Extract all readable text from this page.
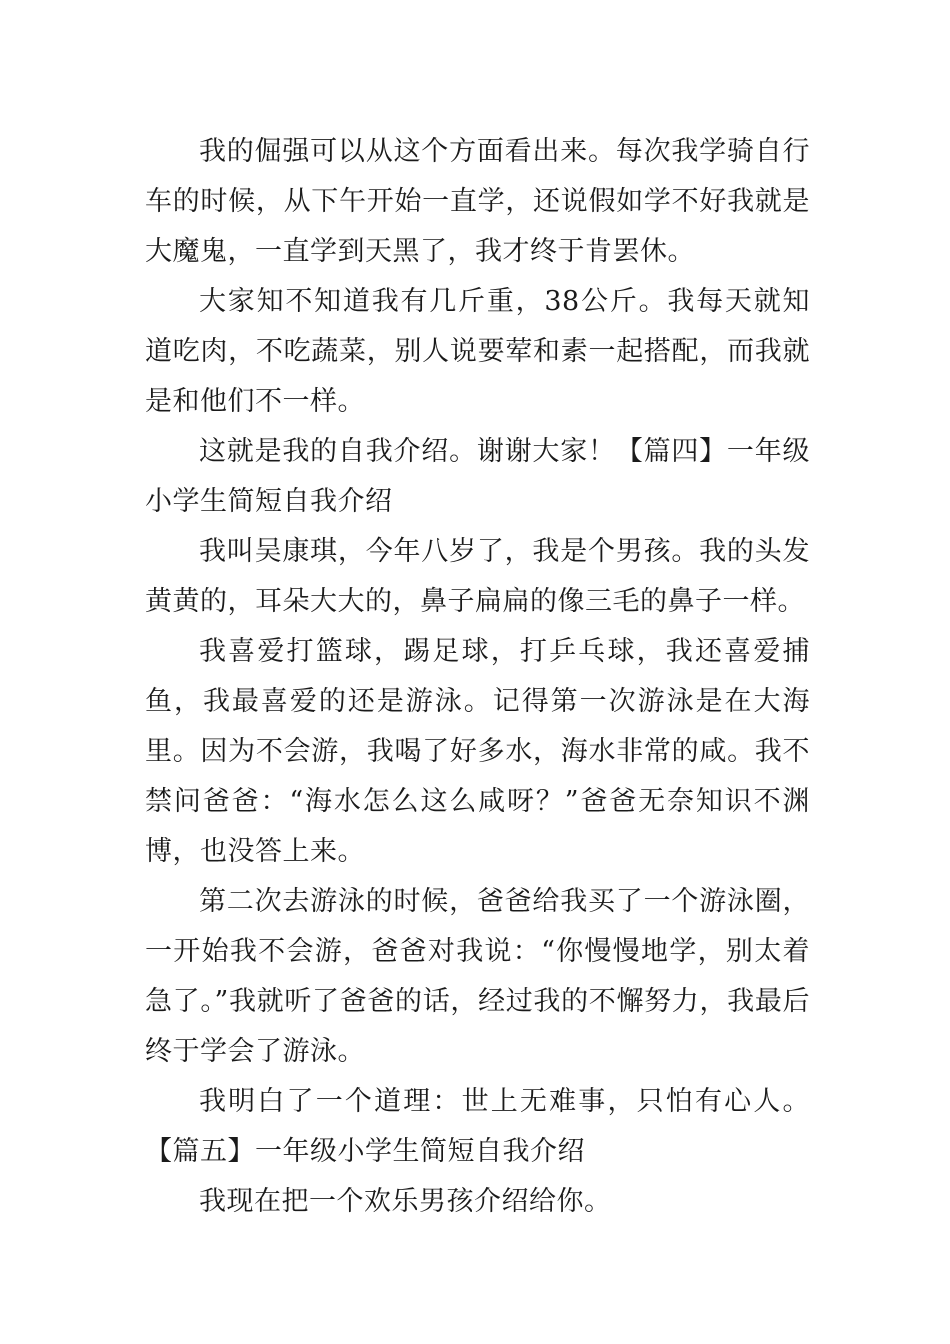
我的倔强可以从这个方面看出来。每次我学骑自行车的时候，从下午开始一直学，还说假如学不好我就是大魔鬼，一直学到天黑了，我才终于肯罢休。

大家知不知道我有几斤重，38公斤。我每天就知道吃肉，不吃蔬菜，别人说要荤和素一起搭配，而我就是和他们不一样。

这就是我的自我介绍。谢谢大家！【篇四】一年级小学生简短自我介绍

我叫吴康琪，今年八岁了，我是个男孩。我的头发黄黄的，耳朵大大的，鼻子扁扁的像三毛的鼻子一样。

我喜爱打篮球，踢足球，打乒乓球，我还喜爱捕鱼，我最喜爱的还是游泳。记得第一次游泳是在大海里。因为不会游，我喝了好多水，海水非常的咸。我不禁问爸爸：“海水怎么这么咸呀？”爸爸无奈知识不渊博，也没答上来。

第二次去游泳的时候，爸爸给我买了一个游泳圈，一开始我不会游，爸爸对我说：“你慢慢地学，别太着急了。”我就听了爸爸的话，经过我的不懈努力，我最后终于学会了游泳。

我明白了一个道理：世上无难事，只怕有心人。【篇五】一年级小学生简短自我介绍

我现在把一个欢乐男孩介绍给你。
